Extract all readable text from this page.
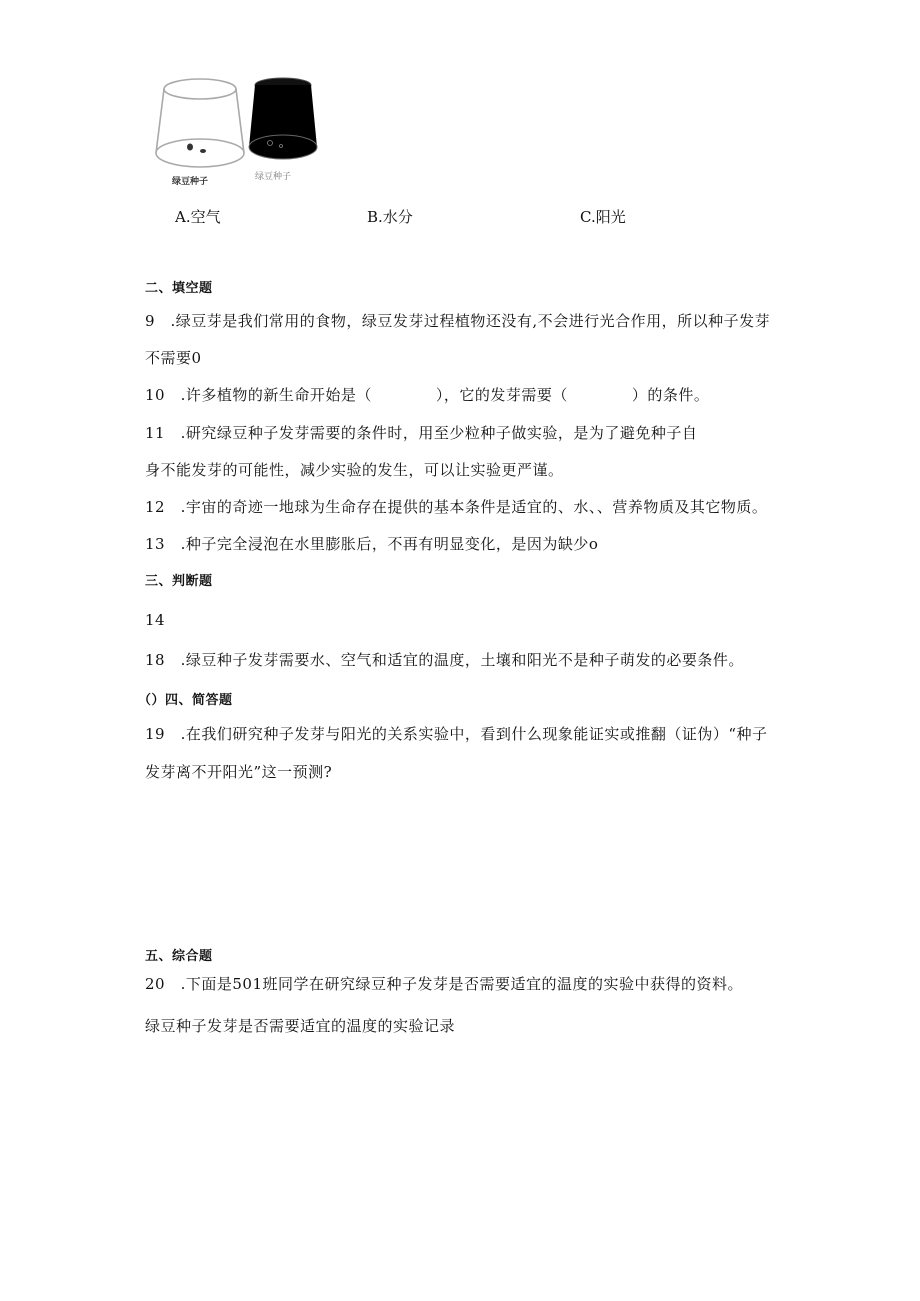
绿豆种子	绿豆种子
A.空气	B.水分	C.阳光
二、填空题
9　.绿豆芽是我们常用的食物，绿豆发芽过程植物还没有,不会进行光合作用，所以种子发芽
不需要0
10　.许多植物的新生命开始是（	），它的发芽需要（	）的条件。
11　.研究绿豆种子发芽需要的条件时，用至少粒种子做实验，是为了避免种子自
身不能发芽的可能性，减少实验的发生，可以让实验更严谨。
12　.宇宙的奇迹一地球为生命存在提供的基本条件是适宜的、水、、营养物质及其它物质。
13　.种子完全浸泡在水里膨胀后，不再有明显变化，是因为缺少o
三、判断题
14
18　.绿豆种子发芽需要水、空气和适宜的温度，土壤和阳光不是种子萌发的必要条件。
（）四、简答题
19　.在我们研究种子发芽与阳光的关系实验中，看到什么现象能证实或推翻（证伪）“种子
发芽离不开阳光”这一预测?
五、综合题
20　.下面是501班同学在研究绿豆种子发芽是否需要适宜的温度的实验中获得的资料。
绿豆种子发芽是否需要适宜的温度的实验记录
